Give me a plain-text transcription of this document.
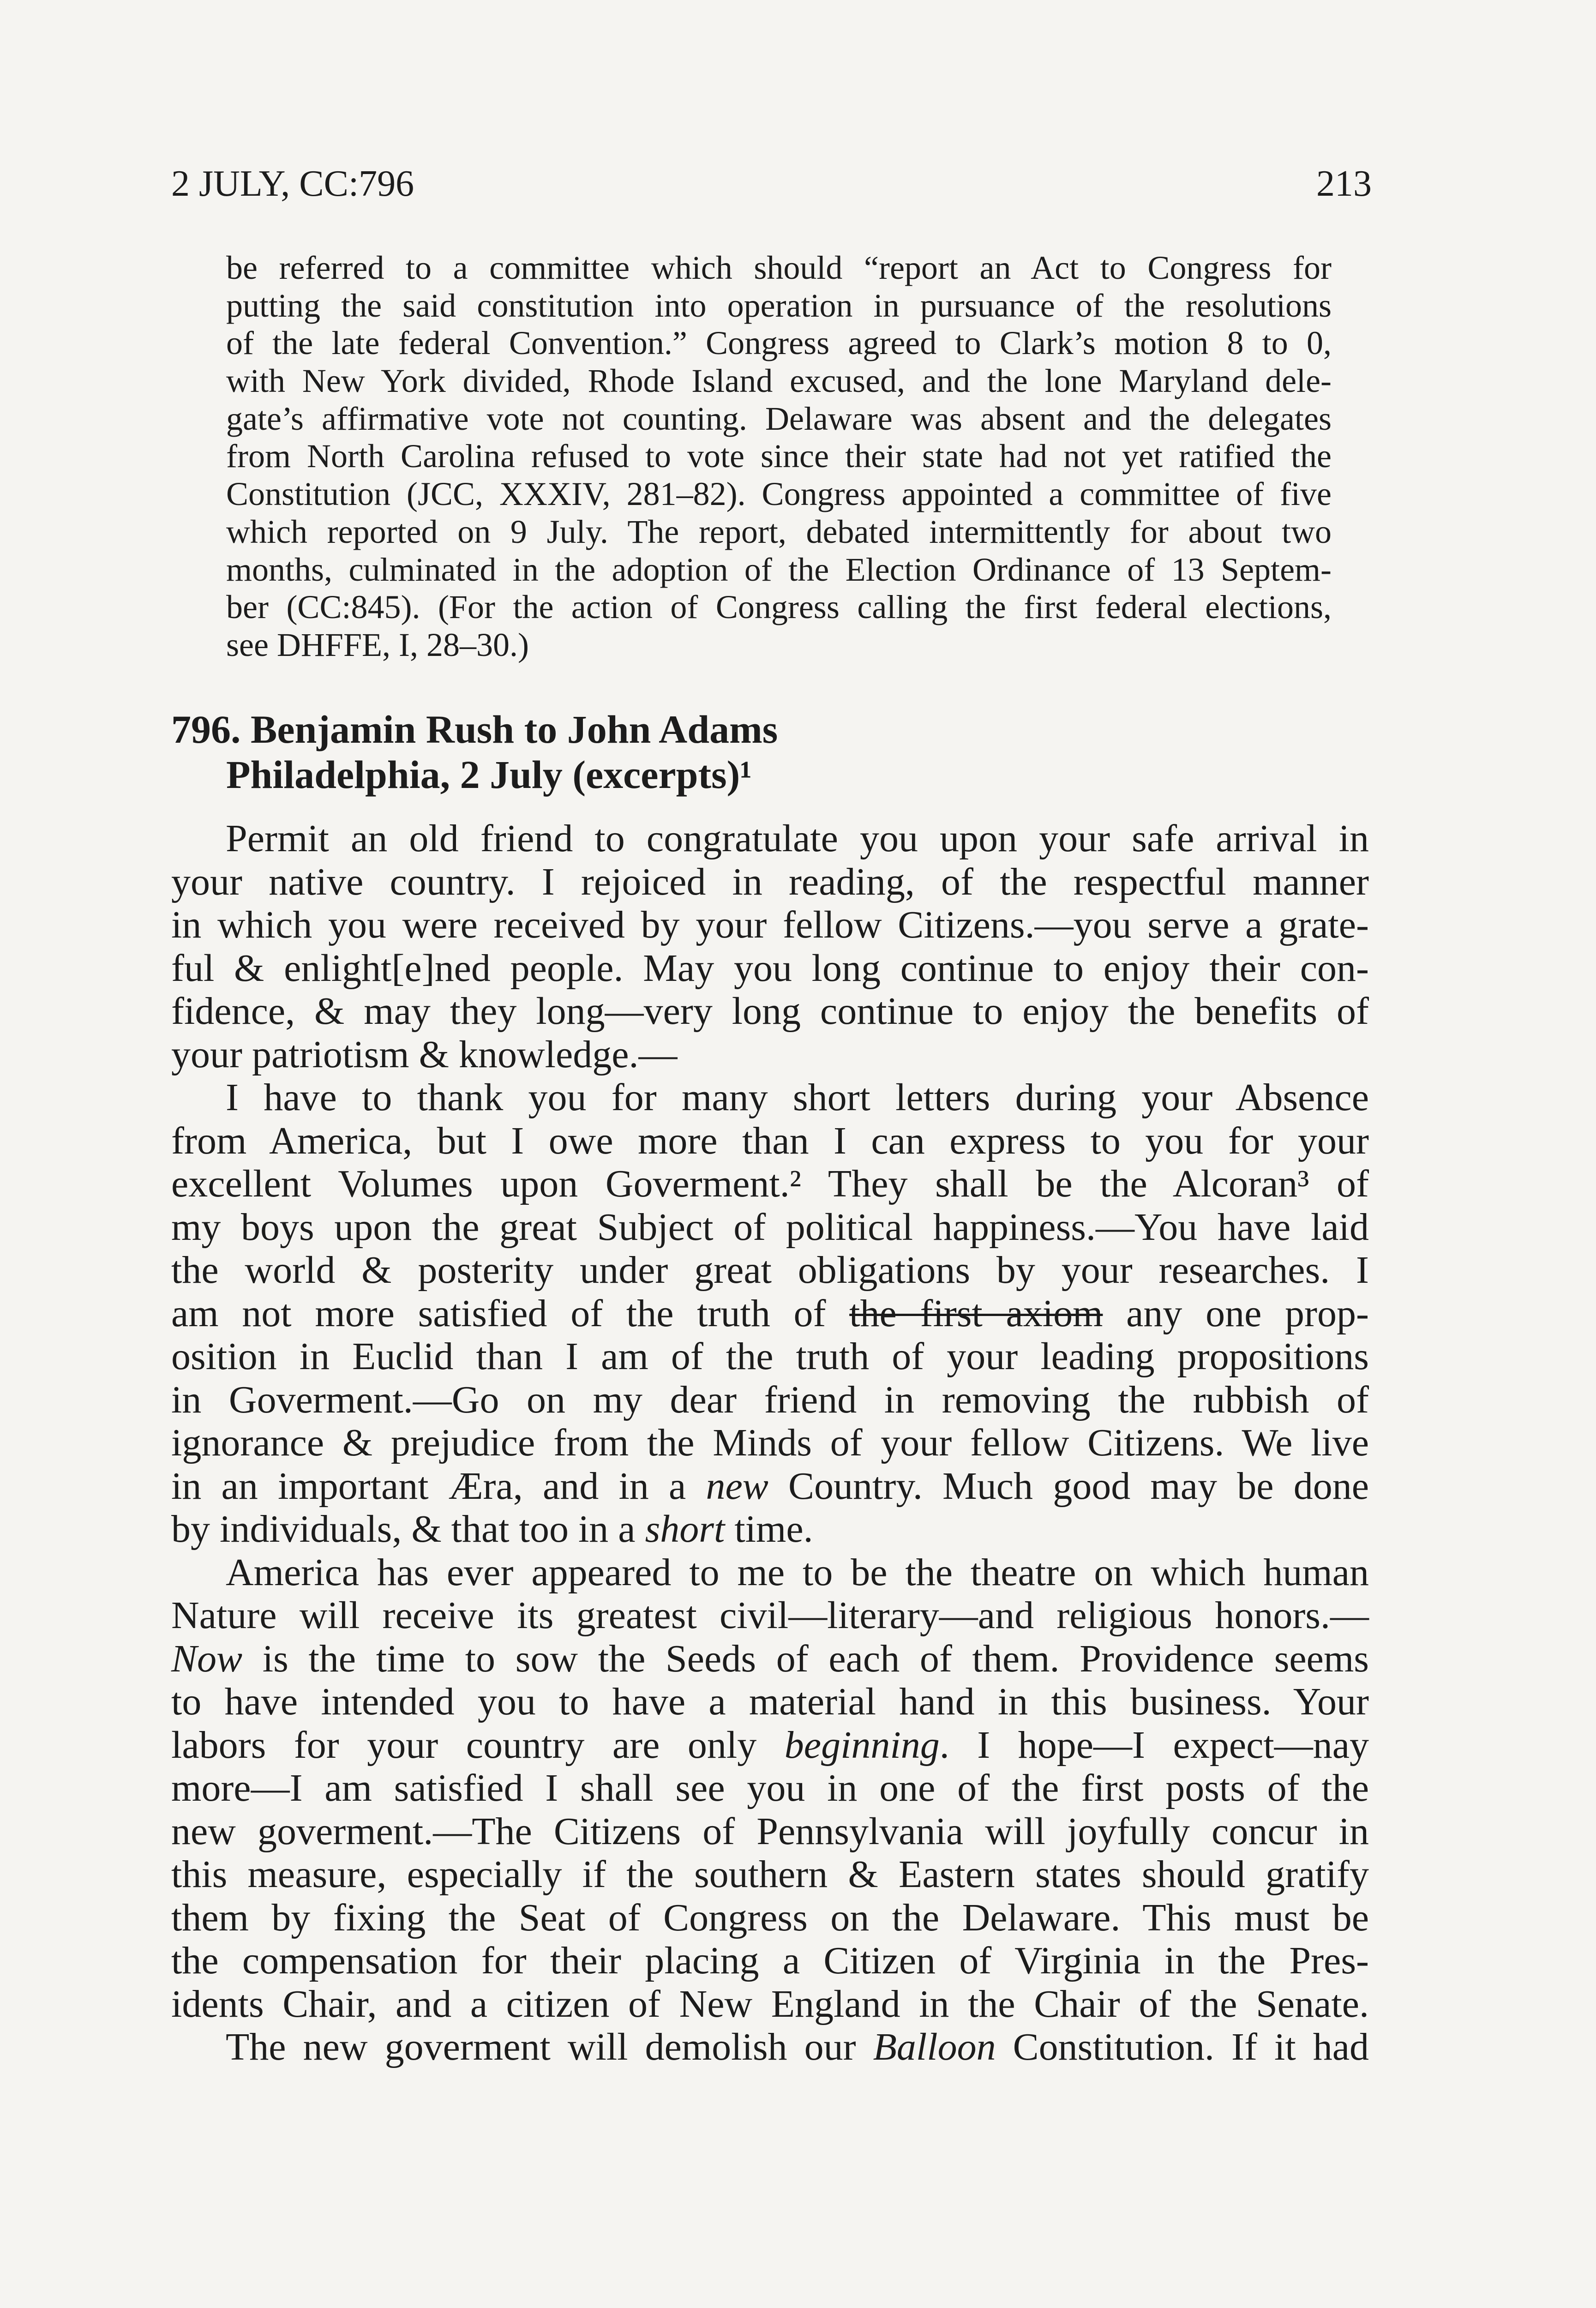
2 JULY, CC:796	213
be referred to a committee which should “report an Act to Congress for
putting the said constitution into operation in pursuance of the resolutions
of the late federal Convention.” Congress agreed to Clark’s motion 8 to 0,
with New York divided, Rhode Island excused, and the lone Maryland dele-
gate’s affirmative vote not counting. Delaware was absent and the delegates
from North Carolina refused to vote since their state had not yet ratified the
Constitution (JCC, XXXIV, 281–82). Congress appointed a committee of five
which reported on 9 July. The report, debated intermittently for about two
months, culminated in the adoption of the Election Ordinance of 13 Septem-
ber (CC:845). (For the action of Congress calling the first federal elections,
see DHFFE, I, 28–30.)
796. Benjamin Rush to John Adams
Philadelphia, 2 July (excerpts)¹
Permit an old friend to congratulate you upon your safe arrival in
your native country. I rejoiced in reading, of the respectful manner
in which you were received by your fellow Citizens.—you serve a grate-
ful & enlight[e]ned people. May you long continue to enjoy their con-
fidence, & may they long—very long continue to enjoy the benefits of
your patriotism & knowledge.—
I have to thank you for many short letters during your Absence
from America, but I owe more than I can express to you for your
excellent Volumes upon Goverment.² They shall be the Alcoran³ of
my boys upon the great Subject of political happiness.—You have laid
the world & posterity under great obligations by your researches. I
am not more satisfied of the truth of the first axiom any one prop-
osition in Euclid than I am of the truth of your leading propositions
in Goverment.—Go on my dear friend in removing the rubbish of
ignorance & prejudice from the Minds of your fellow Citizens. We live
in an important Æra, and in a new Country. Much good may be done
by individuals, & that too in a short time.
America has ever appeared to me to be the theatre on which human
Nature will receive its greatest civil—literary—and religious honors.—
Now is the time to sow the Seeds of each of them. Providence seems
to have intended you to have a material hand in this business. Your
labors for your country are only beginning. I hope—I expect—nay
more—I am satisfied I shall see you in one of the first posts of the
new goverment.—The Citizens of Pennsylvania will joyfully concur in
this measure, especially if the southern & Eastern states should gratify
them by fixing the Seat of Congress on the Delaware. This must be
the compensation for their placing a Citizen of Virginia in the Pres-
idents Chair, and a citizen of New England in the Chair of the Senate.
The new goverment will demolish our Balloon Constitution. If it had
